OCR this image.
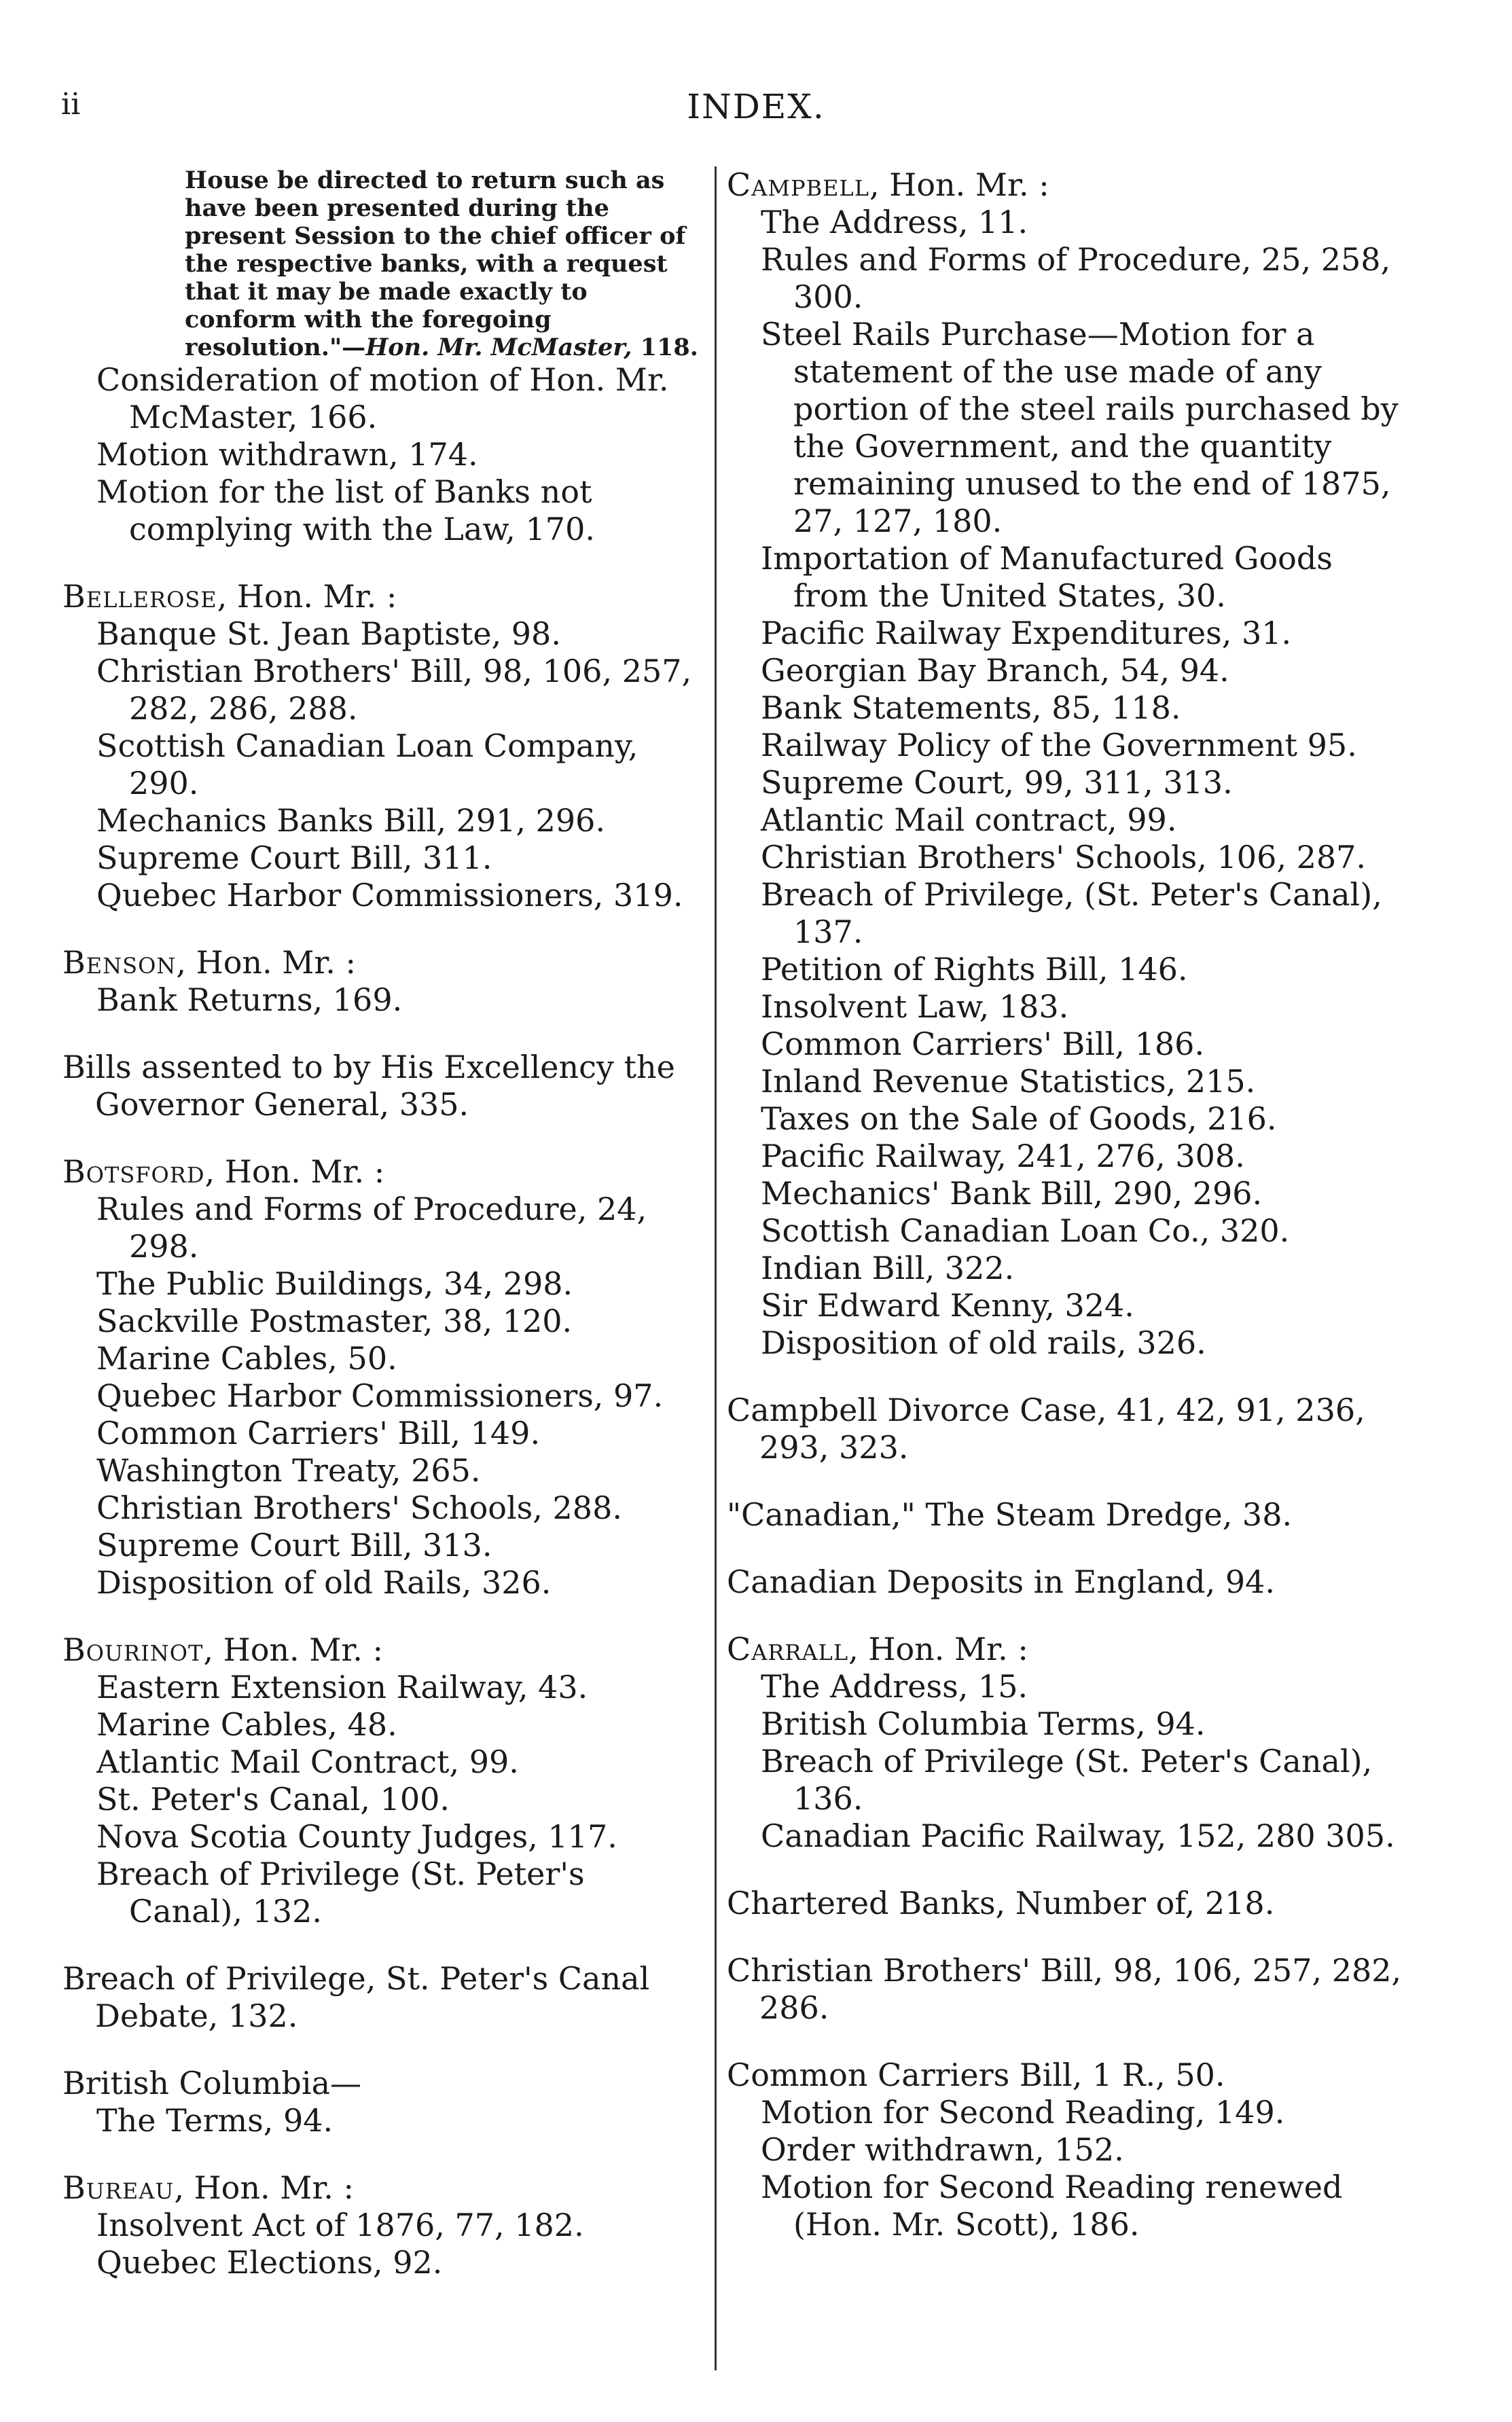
ii	INDEX.

House be directed to return such as have been presented during the present Session to the chief officer of the respective banks, with a request that it may be made exactly to conform with the foregoing resolution."—Hon. Mr. McMaster, 118.

Consideration of motion of Hon. Mr. McMaster, 166.
Motion withdrawn, 174.
Motion for the list of Banks not complying with the Law, 170.
Bellerose, Hon. Mr. :
Banque St. Jean Baptiste, 98.
Christian Brothers' Bill, 98, 106, 257, 282, 286, 288.
Scottish Canadian Loan Company, 290.
Mechanics Banks Bill, 291, 296.
Supreme Court Bill, 311.
Quebec Harbor Commissioners, 319.
Benson, Hon. Mr. :
Bank Returns, 169.
Bills assented to by His Excellency the Governor General, 335.
Botsford, Hon. Mr. :
Rules and Forms of Procedure, 24, 298.
The Public Buildings, 34, 298.
Sackville Postmaster, 38, 120.
Marine Cables, 50.
Quebec Harbor Commissioners, 97.
Common Carriers' Bill, 149.
Washington Treaty, 265.
Christian Brothers' Schools, 288.
Supreme Court Bill, 313.
Disposition of old Rails, 326.
Bourinot, Hon. Mr. :
Eastern Extension Railway, 43.
Marine Cables, 48.
Atlantic Mail Contract, 99.
St. Peter's Canal, 100.
Nova Scotia County Judges, 117.
Breach of Privilege (St. Peter's Canal), 132.
Breach of Privilege, St. Peter's Canal Debate, 132.
British Columbia—
The Terms, 94.
Bureau, Hon. Mr. :
Insolvent Act of 1876, 77, 182.
Quebec Elections, 92.
Campbell, Hon. Mr. :
The Address, 11.
Rules and Forms of Procedure, 25, 258, 300.
Steel Rails Purchase—Motion for a statement of the use made of any portion of the steel rails purchased by the Government, and the quantity remaining unused to the end of 1875, 27, 127, 180.
Importation of Manufactured Goods from the United States, 30.
Pacific Railway Expenditures, 31.
Georgian Bay Branch, 54, 94.
Bank Statements, 85, 118.
Railway Policy of the Government 95.
Supreme Court, 99, 311, 313.
Atlantic Mail contract, 99.
Christian Brothers' Schools, 106, 287.
Breach of Privilege, (St. Peter's Canal), 137.
Petition of Rights Bill, 146.
Insolvent Law, 183.
Common Carriers' Bill, 186.
Inland Revenue Statistics, 215.
Taxes on the Sale of Goods, 216.
Pacific Railway, 241, 276, 308.
Mechanics' Bank Bill, 290, 296.
Scottish Canadian Loan Co., 320.
Indian Bill, 322.
Sir Edward Kenny, 324.
Disposition of old rails, 326.
Campbell Divorce Case, 41, 42, 91, 236, 293, 323.
"Canadian," The Steam Dredge, 38.
Canadian Deposits in England, 94.
Carrall, Hon. Mr. :
The Address, 15.
British Columbia Terms, 94.
Breach of Privilege (St. Peter's Canal), 136.
Canadian Pacific Railway, 152, 280 305.
Chartered Banks, Number of, 218.
Christian Brothers' Bill, 98, 106, 257, 282, 286.
Common Carriers Bill, 1 R., 50.
Motion for Second Reading, 149.
Order withdrawn, 152.
Motion for Second Reading renewed (Hon. Mr. Scott), 186.
